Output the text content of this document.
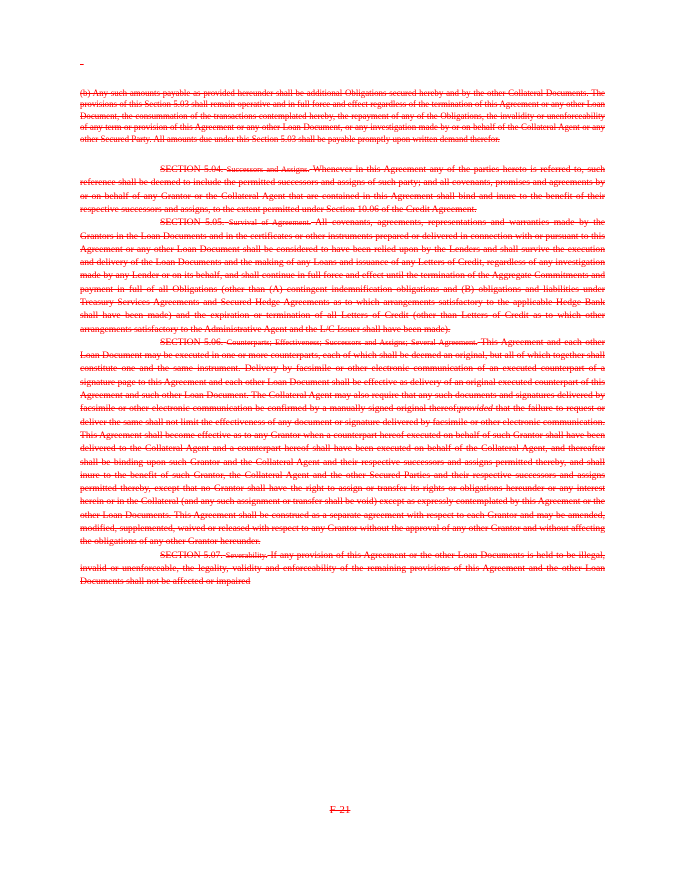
-

(b) Any such amounts payable as provided hereunder shall be additional Obligations secured hereby and by the other Collateral Documents. The provisions of this Section 5.03 shall remain operative and in full force and effect regardless of the termination of this Agreement or any other Loan Document, the consummation of the transactions contemplated hereby, the repayment of any of the Obligations, the invalidity or unenforceability of any term or provision of this Agreement or any other Loan Document, or any investigation made by or on behalf of the Collateral Agent or any other Secured Party. All amounts due under this Section 5.03 shall be payable promptly upon written demand therefor.

SECTION 5.04. Successors and Assigns. Whenever in this Agreement any of the parties hereto is referred to, such reference shall be deemed to include the permitted successors and assigns of such party; and all covenants, promises and agreements by or on behalf of any Grantor or the Collateral Agent that are contained in this Agreement shall bind and inure to the benefit of their respective successors and assigns, to the extent permitted under Section 10.06 of the Credit Agreement.

SECTION 5.05. Survival of Agreement. All covenants, agreements, representations and warranties made by the Grantors in the Loan Documents and in the certificates or other instruments prepared or delivered in connection with or pursuant to this Agreement or any other Loan Document shall be considered to have been relied upon by the Lenders and shall survive the execution and delivery of the Loan Documents and the making of any Loans and issuance of any Letters of Credit, regardless of any investigation made by any Lender or on its behalf, and shall continue in full force and effect until the termination of the Aggregate Commitments and payment in full of all Obligations (other than (A) contingent indemnification obligations and (B) obligations and liabilities under Treasury Services Agreements and Secured Hedge Agreements as to which arrangements satisfactory to the applicable Hedge Bank shall have been made) and the expiration or termination of all Letters of Credit (other than Letters of Credit as to which other arrangements satisfactory to the Administrative Agent and the L/C Issuer shall have been made).

SECTION 5.06. Counterparts; Effectiveness; Successors and Assigns; Several Agreement. This Agreement and each other Loan Document may be executed in one or more counterparts, each of which shall be deemed an original, but all of which together shall constitute one and the same instrument. Delivery by facsimile or other electronic communication of an executed counterpart of a signature page to this Agreement and each other Loan Document shall be effective as delivery of an original executed counterpart of this Agreement and such other Loan Document. The Collateral Agent may also require that any such documents and signatures delivered by facsimile or other electronic communication be confirmed by a manually signed original thereof;provided that the failure to request or deliver the same shall not limit the effectiveness of any document or signature delivered by facsimile or other electronic communication. This Agreement shall become effective as to any Grantor when a counterpart hereof executed on behalf of such Grantor shall have been delivered to the Collateral Agent and a counterpart hereof shall have been executed on behalf of the Collateral Agent, and thereafter shall be binding upon such Grantor and the Collateral Agent and their respective successors and assigns permitted thereby, and shall inure to the benefit of such Grantor, the Collateral Agent and the other Secured Parties and their respective successors and assigns permitted thereby, except that no Grantor shall have the right to assign or transfer its rights or obligations hereunder or any interest herein or in the Collateral (and any such assignment or transfer shall be void) except as expressly contemplated by this Agreement or the other Loan Documents. This Agreement shall be construed as a separate agreement with respect to each Grantor and may be amended, modified, supplemented, waived or released with respect to any Grantor without the approval of any other Grantor and without affecting the obligations of any other Grantor hereunder.

SECTION 5.07. Severability. If any provision of this Agreement or the other Loan Documents is held to be illegal, invalid or unenforceable, the legality, validity and enforceability of the remaining provisions of this Agreement and the other Loan Documents shall not be affected or impaired

F-21
